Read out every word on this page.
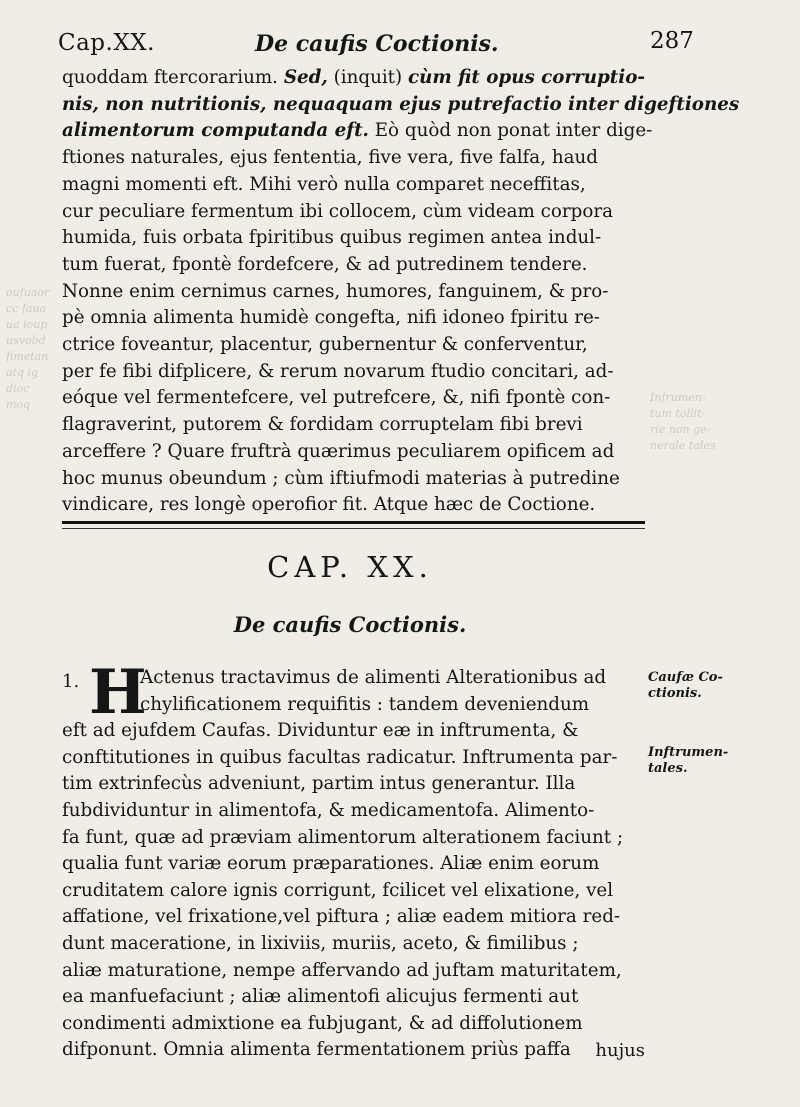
Cap.XX.	De caufis Coctionis.	287
quoddam ftercorarium. Sed, (inquit) cùm fit opus corruptio-
nis, non nutritionis, nequaquam ejus putrefactio inter digeftiones
alimentorum computanda eft. Eò quòd non ponat inter dige-
ftiones naturales, ejus fententia, five vera, five falfa, haud
magni momenti eft. Mihi verò nulla comparet neceffitas,
cur peculiare fermentum ibi collocem, cùm videam corpora
humida, fuis orbata fpiritibus quibus regimen antea indul-
tum fuerat, fpontè fordefcere, & ad putredinem tendere.
Nonne enim cernimus carnes, humores, fanguinem, & pro-
pè omnia alimenta humidè congefta, nifi idoneo fpiritu re-
ctrice foveantur, placentur, gubernentur & conferventur,
per fe fibi difplicere, & rerum novarum ftudio concitari, ad-
eóque vel fermentefcere, vel putrefcere, &, nifi fpontè con-
flagraverint, putorem & fordidam corruptelam fibi brevi
arceffere ? Quare fruftrà quærimus peculiarem opificem ad
hoc munus obeundum ; cùm iftiufmodi materias à putredine
vindicare, res longè operofior fit. Atque hæc de Coctione.
CAP. XX.
De caufis Coctionis.
1. H
Actenus tractavimus de alimenti Alterationibus ad
chylificationem requifitis : tandem deveniendum
eft ad ejufdem Caufas. Dividuntur eæ in inftrumenta, &
conftitutiones in quibus facultas radicatur. Inftrumenta par-
tim extrinfecùs adveniunt, partim intus generantur. Illa
fubdividuntur in alimentofa, & medicamentofa. Alimento-
fa funt, quæ ad præviam alimentorum alterationem faciunt ;
qualia funt variæ eorum præparationes. Aliæ enim eorum
cruditatem calore ignis corrigunt, fcilicet vel elixatione, vel
affatione, vel frixatione,vel piftura ; aliæ eadem mitiora red-
dunt maceratione, in lixiviis, muriis, aceto, & fimilibus ;
aliæ maturatione, nempe affervando ad juftam maturitatem,
ea manfuefaciunt ; aliæ alimentofi alicujus fermenti aut
condimenti admixtione ea fubjugant, & ad diffolutionem
difponunt. Omnia alimenta fermentationem priùs paffa
Caufæ Co-
ctionis.
Inftrumen-
tales.
hujus
oufuaor
cc faua
ua ioup
usvobd
fimetan
atq ig
dioc
moq
Infrumen-
tum tollit-
rie non ge-
nerale tales
